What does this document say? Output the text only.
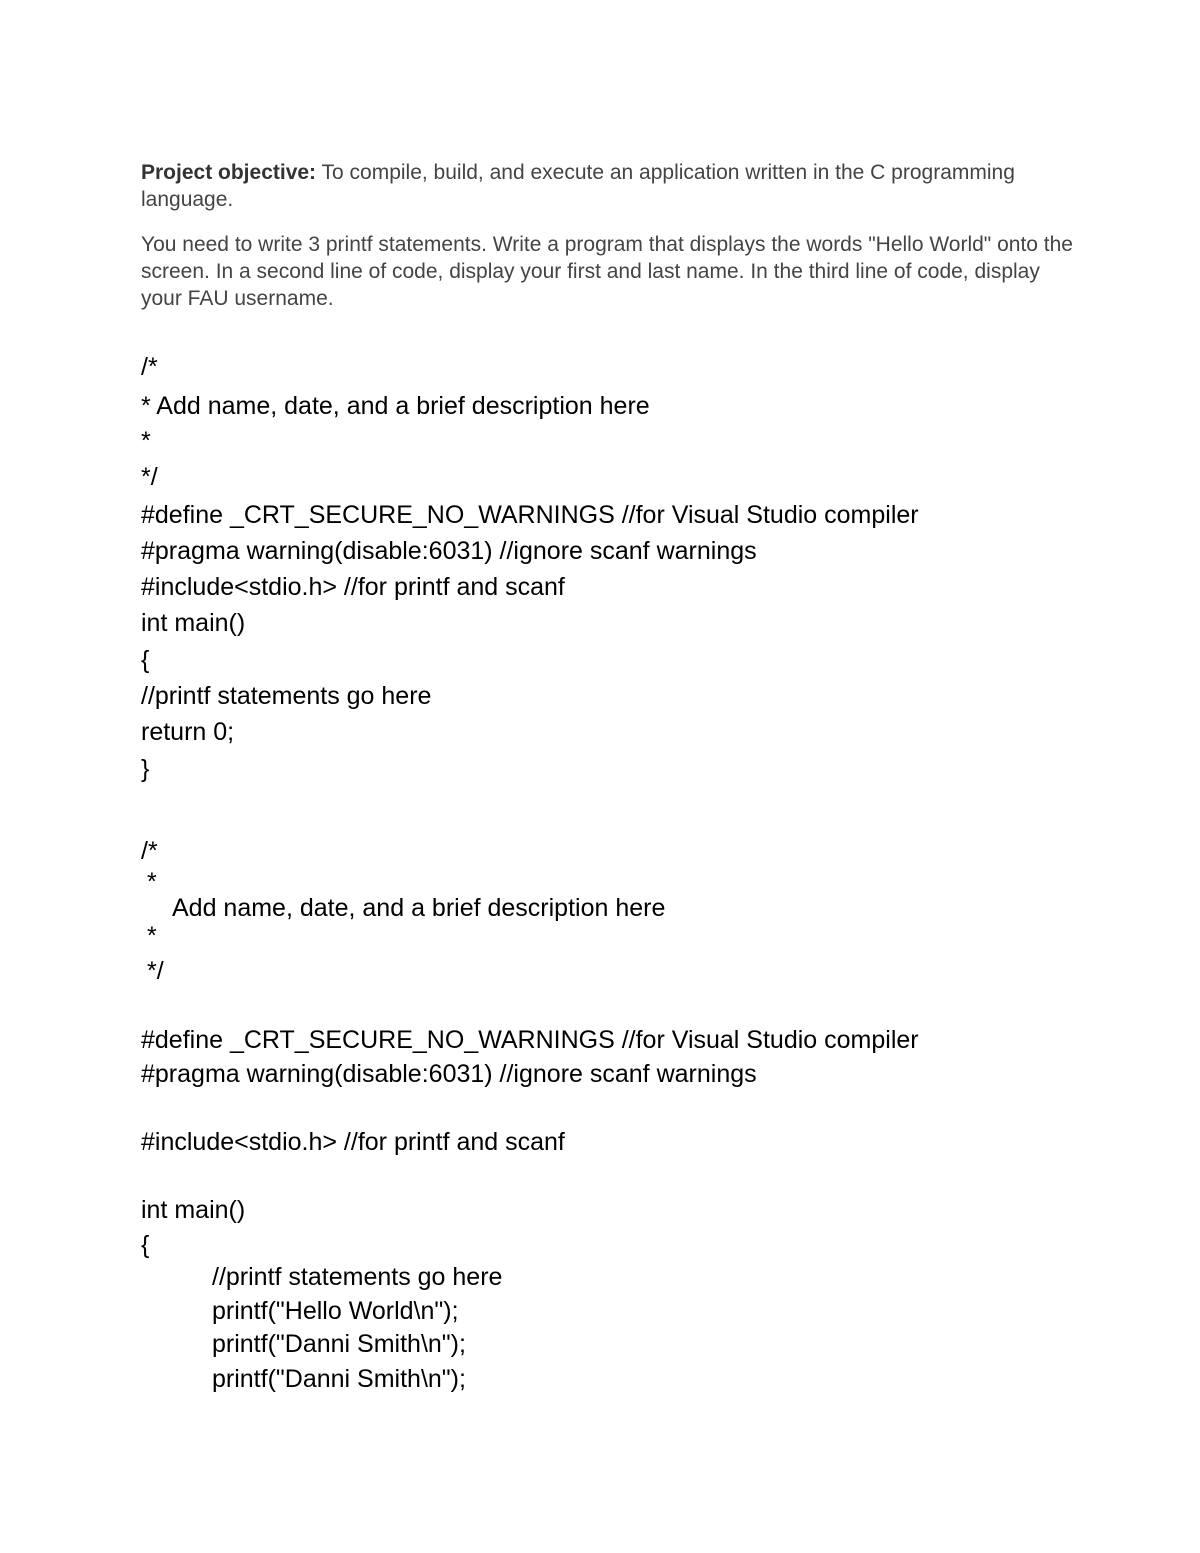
Project objective: To compile, build, and execute an application written in the C programming language.

You need to write 3 printf statements. Write a program that displays the words "Hello World" onto the screen. In a second line of code, display your first and last name. In the third line of code, display your FAU username.

/*

* Add name, date, and a brief description here

*

*/

#define _CRT_SECURE_NO_WARNINGS //for Visual Studio compiler

#pragma warning(disable:6031) //ignore scanf warnings

#include<stdio.h> //for printf and scanf

int main()

{

//printf statements go here

return 0;

}

/*

*

Add name, date, and a brief description here

*

*/

#define _CRT_SECURE_NO_WARNINGS //for Visual Studio compiler

#pragma warning(disable:6031) //ignore scanf warnings

#include<stdio.h> //for printf and scanf

int main()

{

//printf statements go here

printf("Hello World\n");

printf("Danni Smith\n");

printf("Danni Smith\n");
